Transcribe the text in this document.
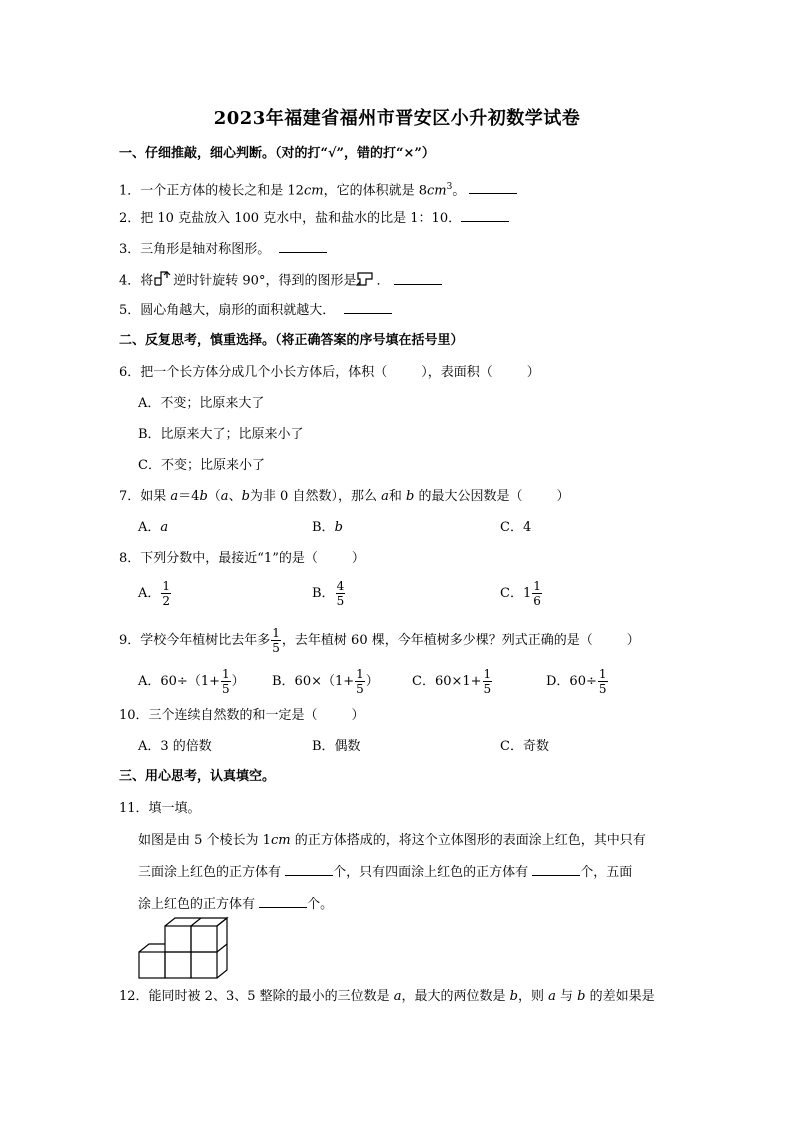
2023年福建省福州市晋安区小升初数学试卷
一、仔细推敲，细心判断。（对的打“√”，错的打“×”）
1．一个正方体的棱长之和是 12cm，它的体积就是 $8cm^3$。
2．把 10 克盐放入 100 克水中，盐和盐水的比是 1：10．
3．三角形是轴对称图形。
4．将 逆时针旋转 90°，得到的图形是 ．
5．圆心角越大，扇形的面积就越大．
二、反复思考，慎重选择。（将正确答案的序号填在括号里）
6．把一个长方体分成几个小长方体后，体积（	），表面积（	）
A．不变；比原来大了
B．比原来大了；比原来小了
C．不变；比原来小了
7．如果 a＝4b（a、b为非 0 自然数），那么 a和 b 的最大公因数是（	）
A．a	B．b	C．4
8．下列分数中，最接近“1”的是（	）
A． $\frac{1}{2}$	B． $\frac{4}{5}$	C．$1 \frac{1}{6}$
9．学校今年植树比去年多 $\frac{1}{5}$ ，去年植树 60 棵，今年植树多少棵？列式正确的是（	）
A．$60\div(1+ \frac{1}{5}$ ） B．$60\times(1+ \frac{1}{5}$ ）	C．$60\times 1+ \frac{1}{5}$	D．$60\div \frac{1}{5}$
10．三个连续自然数的和一定是（	）
A．3 的倍数	B．偶数	C．奇数
三、用心思考，认真填空。
11．填一填。
如图是由 5 个棱长为 1cm 的正方体搭成的，将这个立体图形的表面涂上红色，其中只有
三面涂上红色的正方体有	个，只有四面涂上红色的正方体有	个，五面
涂上红色的正方体有	个。
12．能同时被 2、3、5 整除的最小的三位数是 a，最大的两位数是 b，则 a 与 b 的差如果是
